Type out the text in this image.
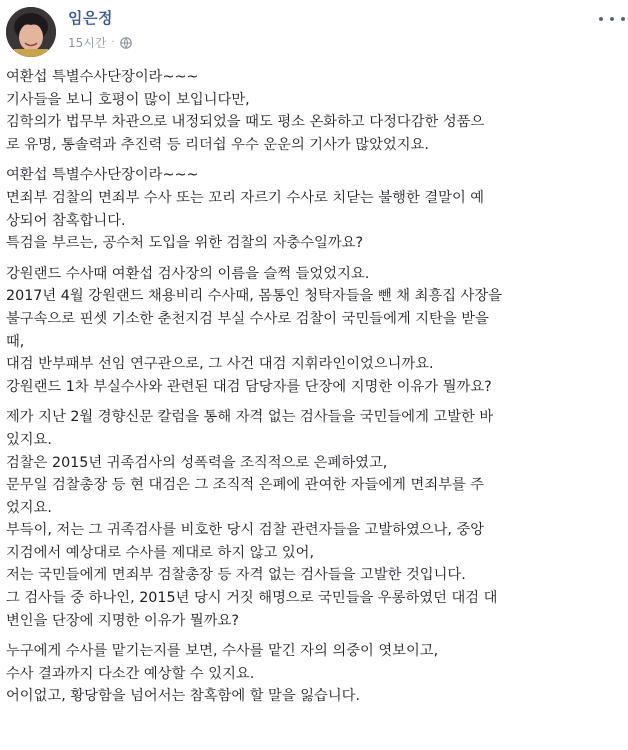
임은정
15시간 ·
여환섭 특별수사단장이라~~~
기사들을 보니 호평이 많이 보입니다만,
김학의가 법무부 차관으로 내정되었을 때도 평소 온화하고 다정다감한 성품으
로 유명, 통솔력과 추진력 등 리더쉽 우수 운운의 기사가 많았었지요.
여환섭 특별수사단장이라~~~
면죄부 검찰의 면죄부 수사 또는 꼬리 자르기 수사로 치닫는 불행한 결말이 예
상되어 참혹합니다.
특검을 부르는, 공수처 도입을 위한 검찰의 자충수일까요?
강원랜드 수사때 여환섭 검사장의 이름을 슬쩍 들었었지요.
2017년 4월 강원랜드 채용비리 수사때, 몸통인 청탁자들을 뺀 채 최흥집 사장을
불구속으로 핀셋 기소한 춘천지검 부실 수사로 검찰이 국민들에게 지탄을 받을
때,
대검 반부패부 선임 연구관으로, 그 사건 대검 지휘라인이었으니까요.
강원랜드 1차 부실수사와 관련된 대검 담당자를 단장에 지명한 이유가 뭘까요?
제가 지난 2월 경향신문 칼럼을 통해 자격 없는 검사들을 국민들에게 고발한 바
있지요.
검찰은 2015년 귀족검사의 성폭력을 조직적으로 은폐하였고,
문무일 검찰총장 등 현 대검은 그 조직적 은폐에 관여한 자들에게 면죄부를 주
었지요.
부득이, 저는 그 귀족검사를 비호한 당시 검찰 관련자들을 고발하였으나, 중앙
지검에서 예상대로 수사를 제대로 하지 않고 있어,
저는 국민들에게 면죄부 검찰총장 등 자격 없는 검사들을 고발한 것입니다.
그 검사들 중 하나인, 2015년 당시 거짓 해명으로 국민들을 우롱하였던 대검 대
변인을 단장에 지명한 이유가 뭘까요?
누구에게 수사를 맡기는지를 보면, 수사를 맡긴 자의 의중이 엿보이고,
수사 결과까지 다소간 예상할 수 있지요.
어이없고, 황당함을 넘어서는 참혹함에 할 말을 잃습니다.
